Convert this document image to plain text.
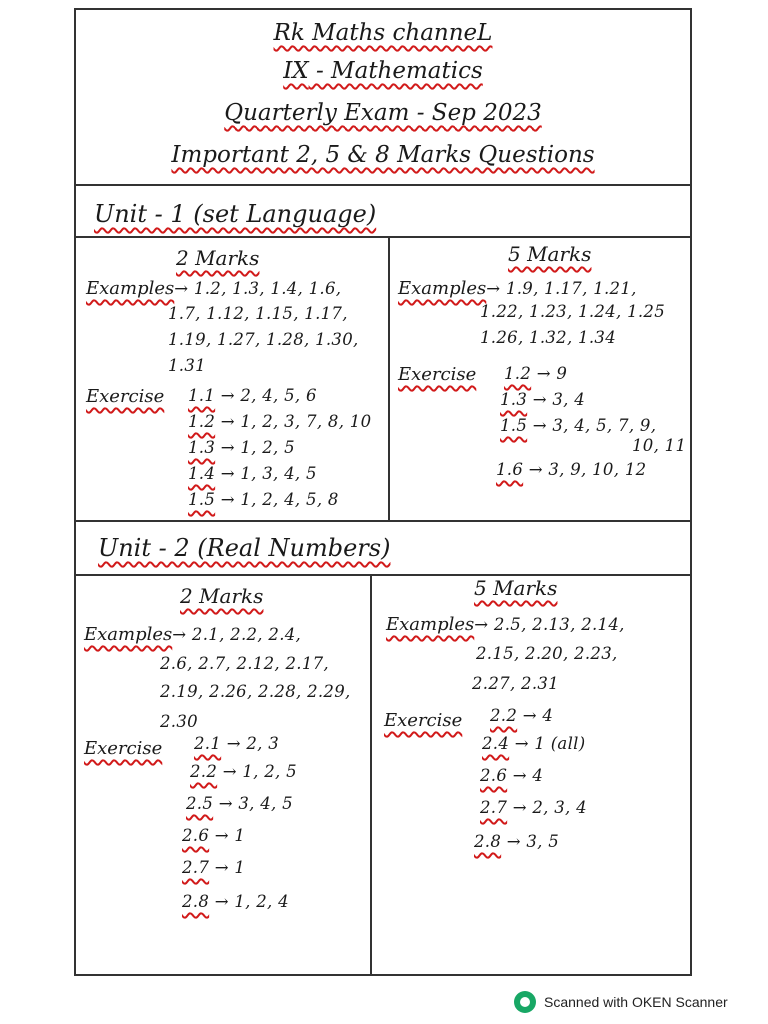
Rk Maths channeL
IX - Mathematics
Quarterly Exam - Sep 2023
Important 2, 5 & 8 Marks Questions
Unit - 1 (set Language)
2 Marks
Examples→ 1.2, 1.3, 1.4, 1.6,
1.7, 1.12, 1.15, 1.17,
1.19, 1.27, 1.28, 1.30,
1.31
Exercise 1.1 → 2, 4, 5, 6
1.2 → 1, 2, 3, 7, 8, 10
1.3 → 1, 2, 5
1.4 → 1, 3, 4, 5
1.5 → 1, 2, 4, 5, 8
5 Marks
Examples→ 1.9, 1.17, 1.21,
1.22, 1.23, 1.24, 1.25
1.26, 1.32, 1.34
Exercise 1.2 → 9
1.3 → 3, 4
1.5 → 3, 4, 5, 7, 9,
10, 11
1.6 → 3, 9, 10, 12
Unit - 2 (Real Numbers)
2 Marks
Examples→ 2.1, 2.2, 2.4,
2.6, 2.7, 2.12, 2.17,
2.19, 2.26, 2.28, 2.29,
2.30
Exercise 2.1 → 2, 3
2.2 → 1, 2, 5
2.5 → 3, 4, 5
2.6 → 1
2.7 → 1
2.8 → 1, 2, 4
5 Marks
Examples→ 2.5, 2.13, 2.14,
2.15, 2.20, 2.23,
2.27, 2.31
Exercise 2.2 → 4
2.4 → 1 (all)
2.6 → 4
2.7 → 2, 3, 4
2.8 → 3, 5
Scanned with OKEN Scanner
